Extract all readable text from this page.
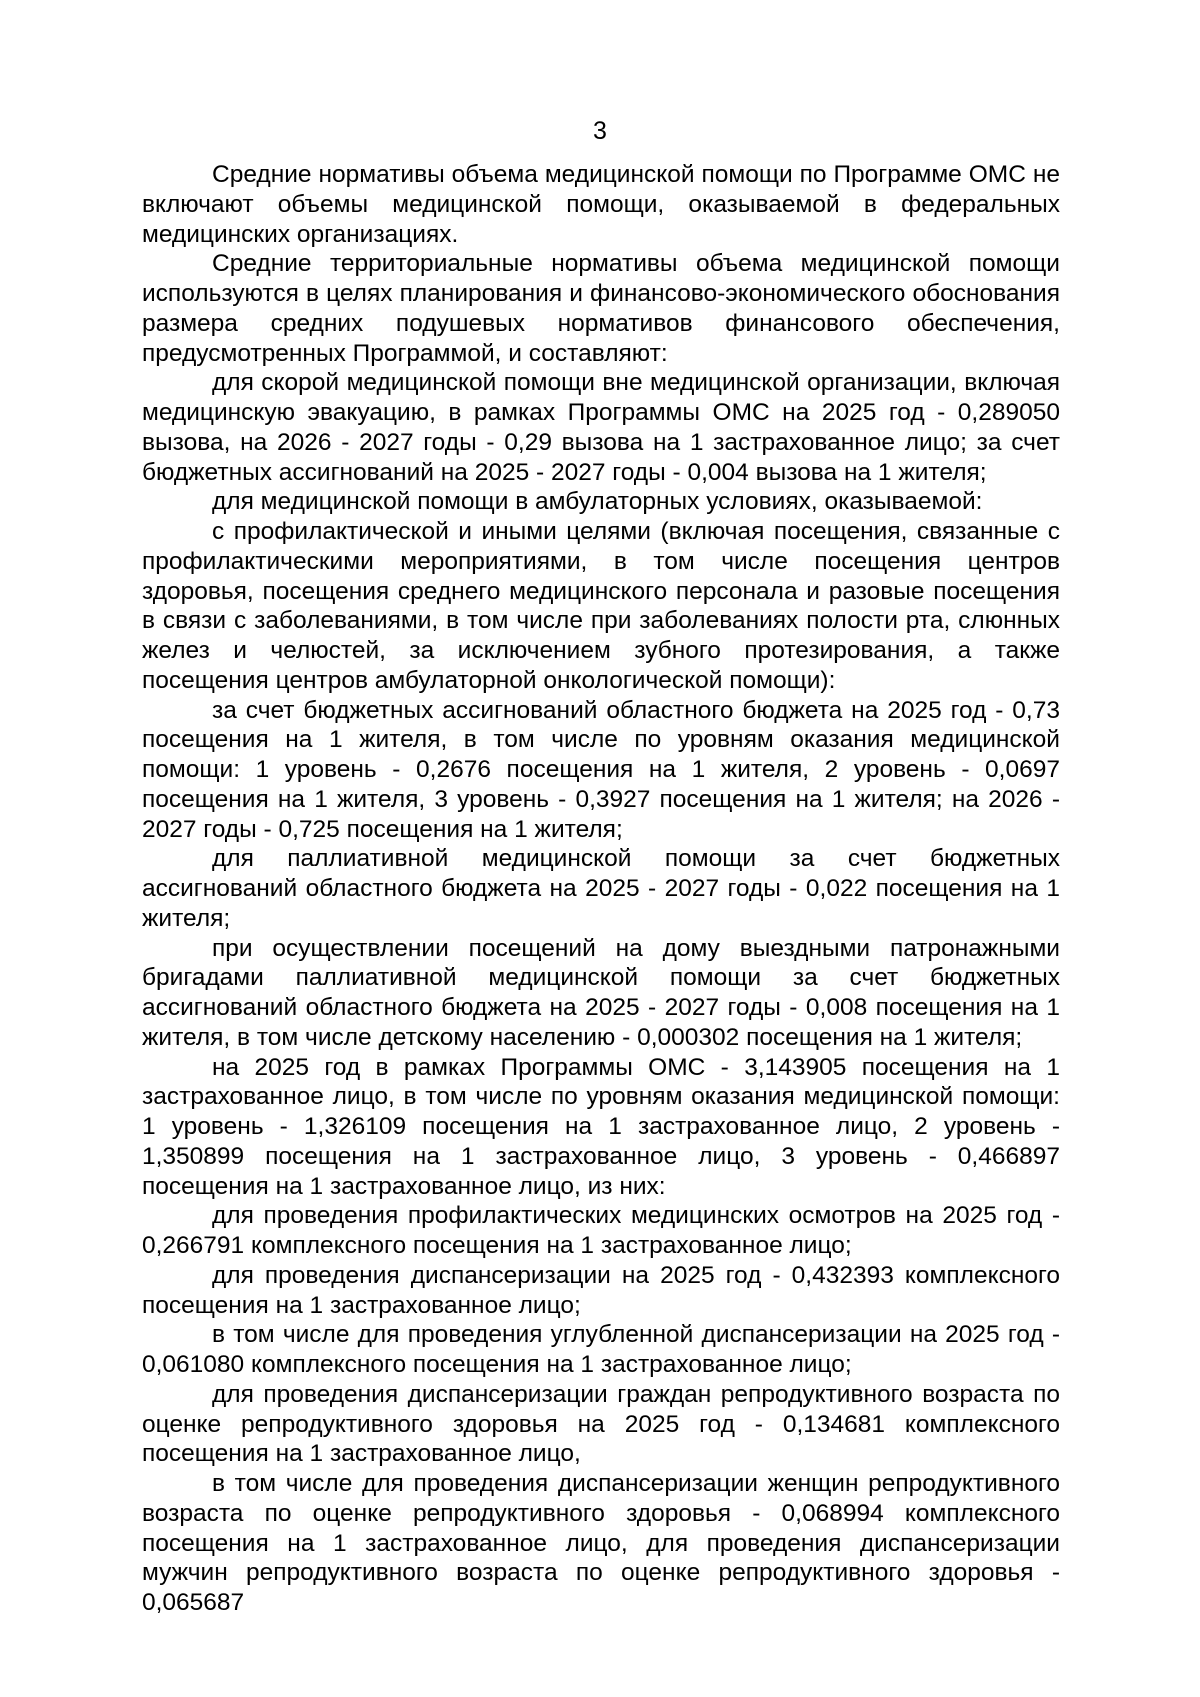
3

Средние нормативы объема медицинской помощи по Программе ОМС не включают объемы медицинской помощи, оказываемой в федеральных медицинских организациях.

Средние территориальные нормативы объема медицинской помощи используются в целях планирования и финансово-экономического обоснования размера средних подушевых нормативов финансового обеспечения, предусмотренных Программой, и составляют:

для скорой медицинской помощи вне медицинской организации, включая медицинскую эвакуацию, в рамках Программы ОМС на 2025 год - 0,289050 вызова, на 2026 - 2027 годы - 0,29 вызова на 1 застрахованное лицо; за счет бюджетных ассигнований на 2025 - 2027 годы - 0,004 вызова на 1 жителя;

для медицинской помощи в амбулаторных условиях, оказываемой:

с профилактической и иными целями (включая посещения, связанные с профилактическими мероприятиями, в том числе посещения центров здоровья, посещения среднего медицинского персонала и разовые посещения в связи с заболеваниями, в том числе при заболеваниях полости рта, слюнных желез и челюстей, за исключением зубного протезирования, а также посещения центров амбулаторной онкологической помощи):

за счет бюджетных ассигнований областного бюджета на 2025 год - 0,73 посещения на 1 жителя, в том числе по уровням оказания медицинской помощи: 1 уровень - 0,2676 посещения на 1 жителя, 2 уровень - 0,0697 посещения на 1 жителя, 3 уровень - 0,3927 посещения на 1 жителя; на 2026 - 2027 годы - 0,725 посещения на 1 жителя;

для паллиативной медицинской помощи за счет бюджетных ассигнований областного бюджета на 2025 - 2027 годы - 0,022 посещения на 1 жителя;

при осуществлении посещений на дому выездными патронажными бригадами паллиативной медицинской помощи за счет бюджетных ассигнований областного бюджета на 2025 - 2027 годы - 0,008 посещения на 1 жителя, в том числе детскому населению - 0,000302 посещения на 1 жителя;

на 2025 год в рамках Программы ОМС - 3,143905 посещения на 1 застрахованное лицо, в том числе по уровням оказания медицинской помощи: 1 уровень - 1,326109 посещения на 1 застрахованное лицо, 2 уровень - 1,350899 посещения на 1 застрахованное лицо, 3 уровень - 0,466897 посещения на 1 застрахованное лицо, из них:

для проведения профилактических медицинских осмотров на 2025 год - 0,266791 комплексного посещения на 1 застрахованное лицо;

для проведения диспансеризации на 2025 год - 0,432393 комплексного посещения на 1 застрахованное лицо;

в том числе для проведения углубленной диспансеризации на 2025 год - 0,061080 комплексного посещения на 1 застрахованное лицо;

для проведения диспансеризации граждан репродуктивного возраста по оценке репродуктивного здоровья на 2025 год - 0,134681 комплексного посещения на 1 застрахованное лицо,

в том числе для проведения диспансеризации женщин репродуктивного возраста по оценке репродуктивного здоровья - 0,068994 комплексного посещения на 1 застрахованное лицо, для проведения диспансеризации мужчин репродуктивного возраста по оценке репродуктивного здоровья - 0,065687
